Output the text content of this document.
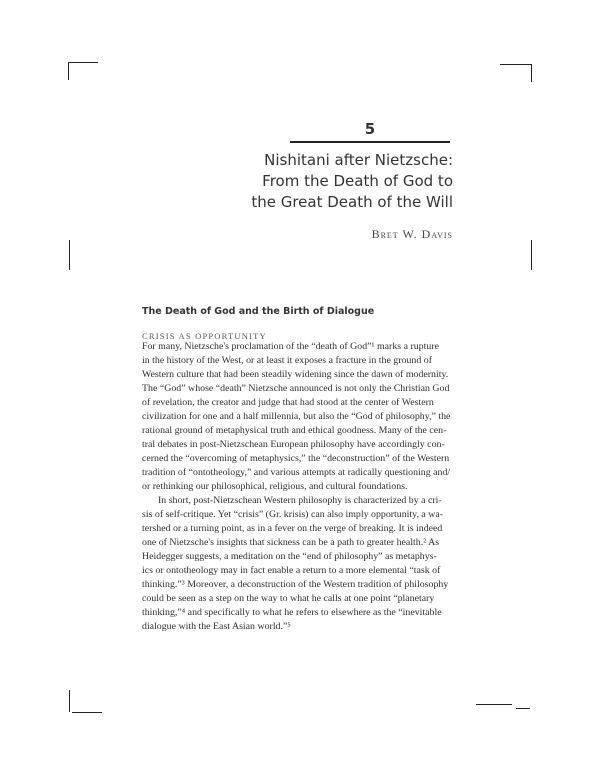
5
Nishitani after Nietzsche:
From the Death of God to
the Great Death of the Will
Bret W. Davis
The Death of God and the Birth of Dialogue
CRISIS AS OPPORTUNITY
For many, Nietzsche's proclamation of the “death of God”¹ marks a rupture
in the history of the West, or at least it exposes a fracture in the ground of
Western culture that had been steadily widening since the dawn of modernity.
The “God” whose “death” Nietzsche announced is not only the Christian God
of revelation, the creator and judge that had stood at the center of Western
civilization for one and a half millennia, but also the “God of philosophy,” the
rational ground of metaphysical truth and ethical goodness. Many of the cen-
tral debates in post-Nietzschean European philosophy have accordingly con-
cerned the “overcoming of metaphysics,” the “deconstruction” of the Western
tradition of “ontotheology,” and various attempts at radically questioning and/
or rethinking our philosophical, religious, and cultural foundations.
In short, post-Nietzschean Western philosophy is characterized by a cri-
sis of self-critique. Yet “crisis” (Gr. krisis) can also imply opportunity, a wa-
tershed or a turning point, as in a fever on the verge of breaking. It is indeed
one of Nietzsche's insights that sickness can be a path to greater health.² As
Heidegger suggests, a meditation on the “end of philosophy” as metaphys-
ics or ontotheology may in fact enable a return to a more elemental “task of
thinking.”³ Moreover, a deconstruction of the Western tradition of philosophy
could be seen as a step on the way to what he calls at one point “planetary
thinking,”⁴ and specifically to what he refers to elsewhere as the “inevitable
dialogue with the East Asian world.”⁵
